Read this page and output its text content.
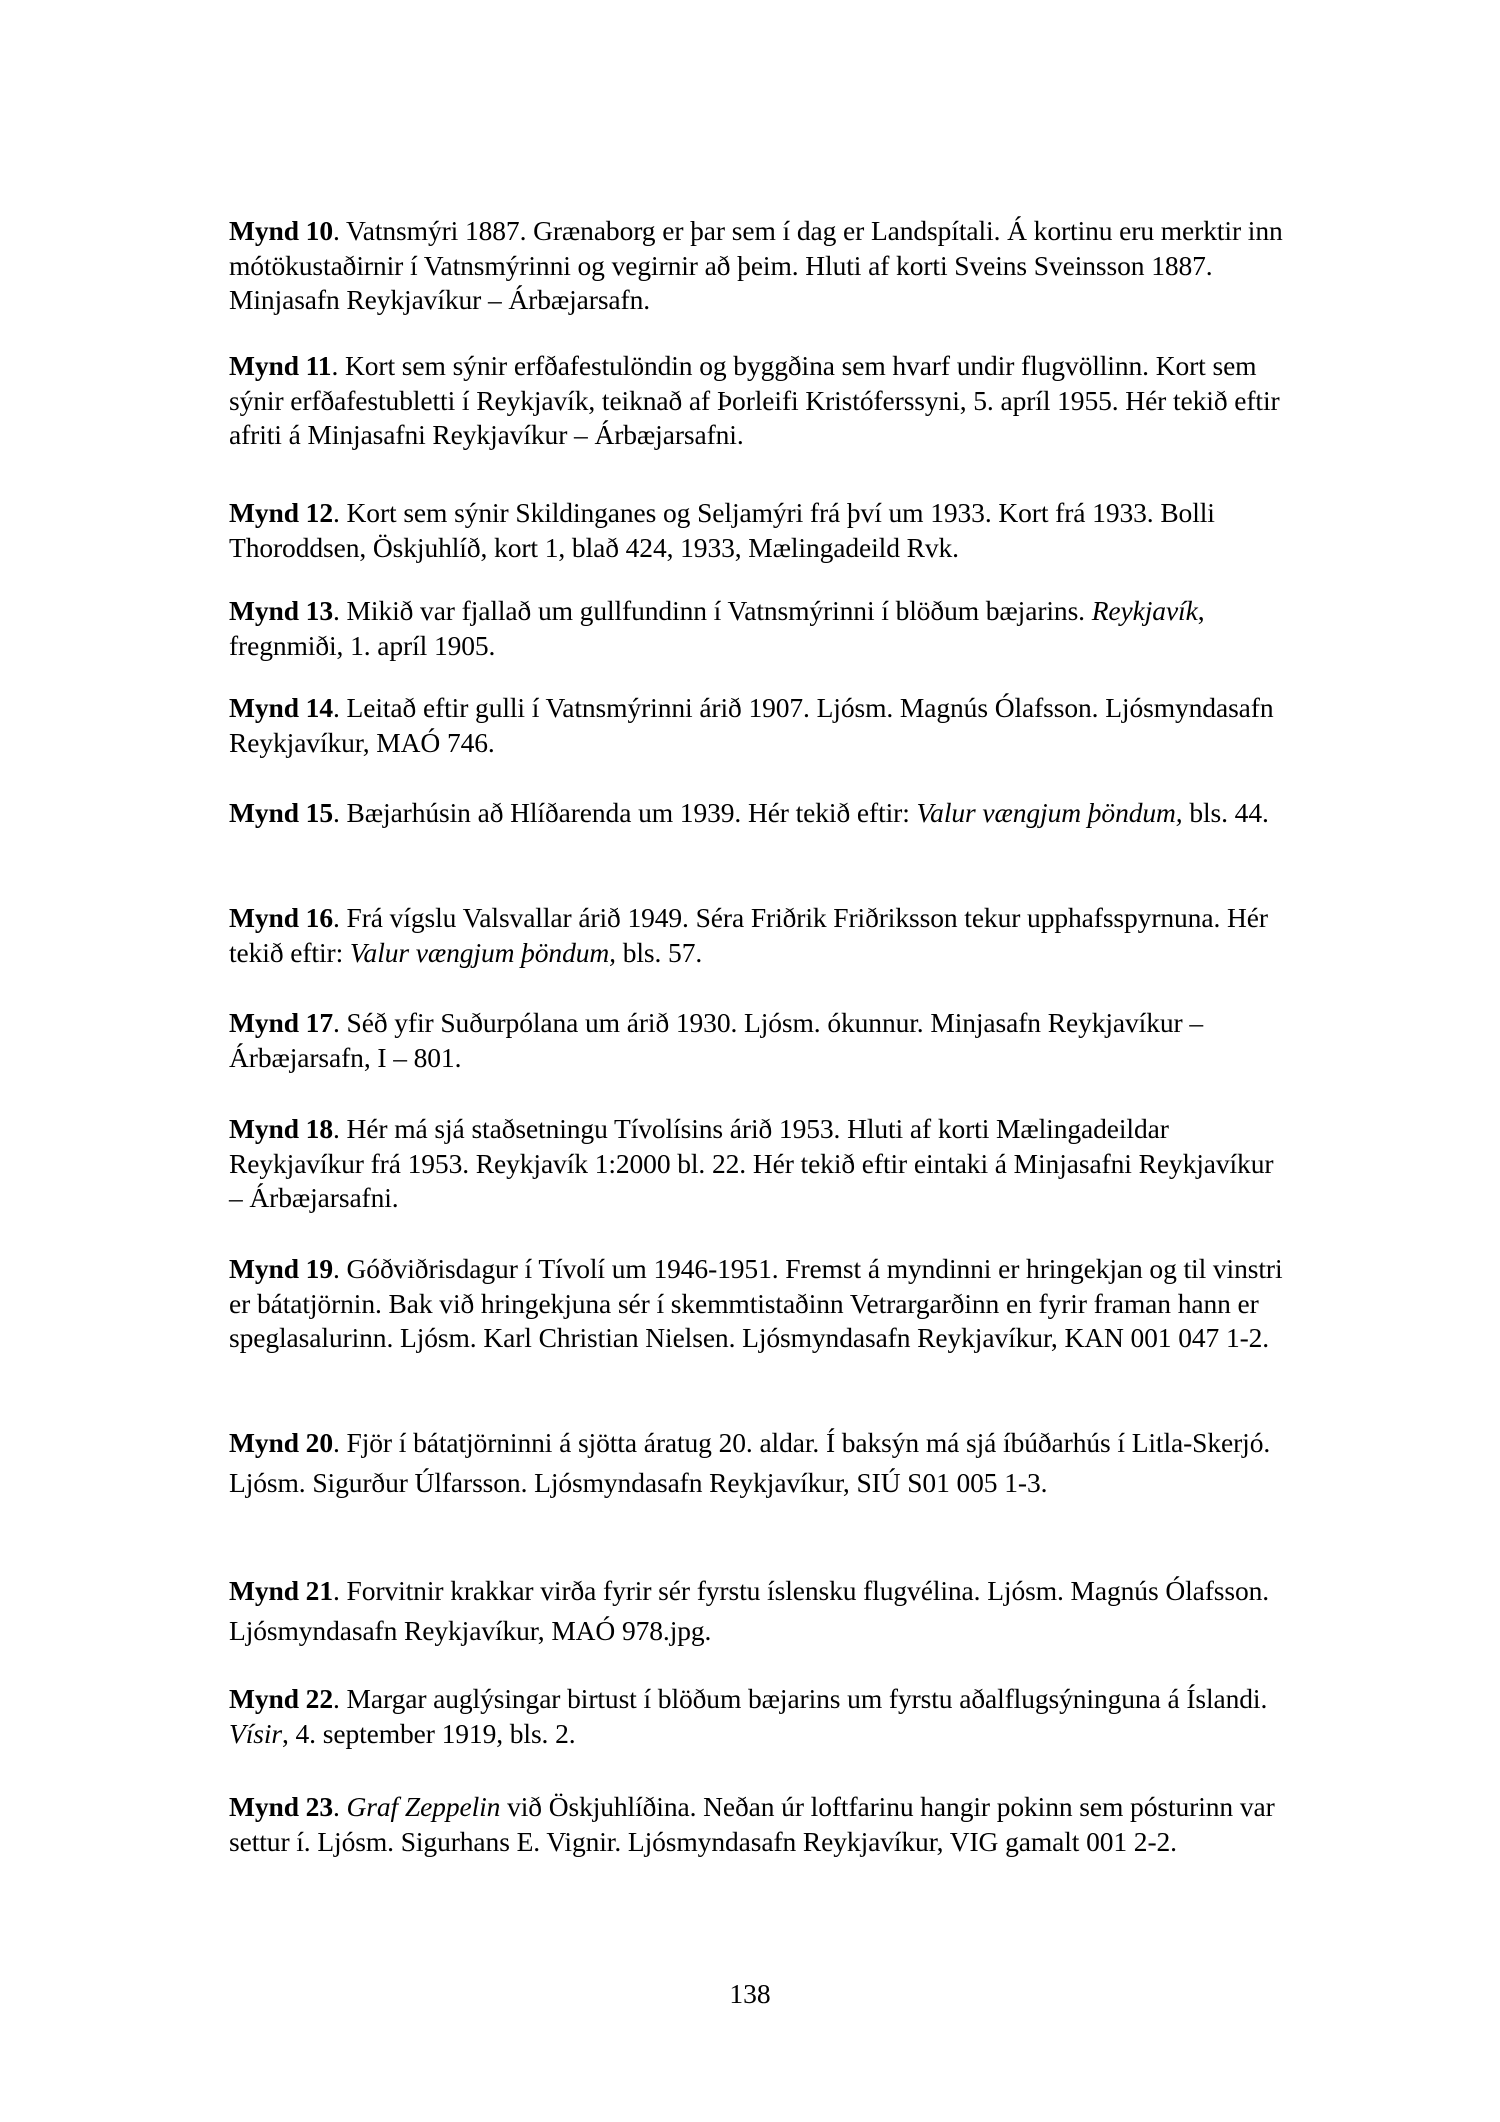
Mynd 10. Vatnsmýri 1887. Grænaborg er þar sem í dag er Landspítali. Á kortinu eru merktir inn mótökustaðirnir í Vatnsmýrinni og vegirnir að þeim. Hluti af korti Sveins Sveinsson 1887. Minjasafn Reykjavíkur – Árbæjarsafn.

Mynd 11. Kort sem sýnir erfðafestulöndin og byggðina sem hvarf undir flugvöllinn. Kort sem sýnir erfðafestubletti í Reykjavík, teiknað af Þorleifi Kristóferssyni, 5. apríl 1955. Hér tekið eftir afriti á Minjasafni Reykjavíkur – Árbæjarsafni.

Mynd 12. Kort sem sýnir Skildinganes og Seljamýri frá því um 1933. Kort frá 1933. Bolli Thoroddsen, Öskjuhlíð, kort 1, blað 424, 1933, Mælingadeild Rvk.

Mynd 13. Mikið var fjallað um gullfundinn í Vatnsmýrinni í blöðum bæjarins. Reykjavík, fregnmiði, 1. apríl 1905.

Mynd 14. Leitað eftir gulli í Vatnsmýrinni árið 1907. Ljósm. Magnús Ólafsson. Ljósmyndasafn Reykjavíkur, MAÓ 746.

Mynd 15. Bæjarhúsin að Hlíðarenda um 1939. Hér tekið eftir: Valur vængjum þöndum, bls. 44.

Mynd 16. Frá vígslu Valsvallar árið 1949. Séra Friðrik Friðriksson tekur upphafsspyrnuna. Hér tekið eftir: Valur vængjum þöndum, bls. 57.

Mynd 17. Séð yfir Suðurpólana um árið 1930. Ljósm. ókunnur. Minjasafn Reykjavíkur – Árbæjarsafn, I – 801.

Mynd 18. Hér má sjá staðsetningu Tívolísins árið 1953. Hluti af korti Mælingadeildar Reykjavíkur frá 1953. Reykjavík 1:2000 bl. 22. Hér tekið eftir eintaki á Minjasafni Reykjavíkur – Árbæjarsafni.

Mynd 19. Góðviðrisdagur í Tívolí um 1946-1951. Fremst á myndinni er hringekjan og til vinstri er bátatjörnin. Bak við hringekjuna sér í skemmtistaðinn Vetrargarðinn en fyrir framan hann er speglasalurinn. Ljósm. Karl Christian Nielsen. Ljósmyndasafn Reykjavíkur, KAN 001 047 1-2.

Mynd 20. Fjör í bátatjörninni á sjötta áratug 20. aldar. Í baksýn má sjá íbúðarhús í Litla-Skerjó. Ljósm. Sigurður Úlfarsson. Ljósmyndasafn Reykjavíkur, SIÚ S01 005 1-3.

Mynd 21. Forvitnir krakkar virða fyrir sér fyrstu íslensku flugvélina. Ljósm. Magnús Ólafsson. Ljósmyndasafn Reykjavíkur, MAÓ 978.jpg.

Mynd 22. Margar auglýsingar birtust í blöðum bæjarins um fyrstu aðalflugsýninguna á Íslandi. Vísir, 4. september 1919, bls. 2.

Mynd 23. Graf Zeppelin við Öskjuhlíðina. Neðan úr loftfarinu hangir pokinn sem pósturinn var settur í. Ljósm. Sigurhans E. Vignir. Ljósmyndasafn Reykjavíkur, VIG gamalt 001 2-2.

138
